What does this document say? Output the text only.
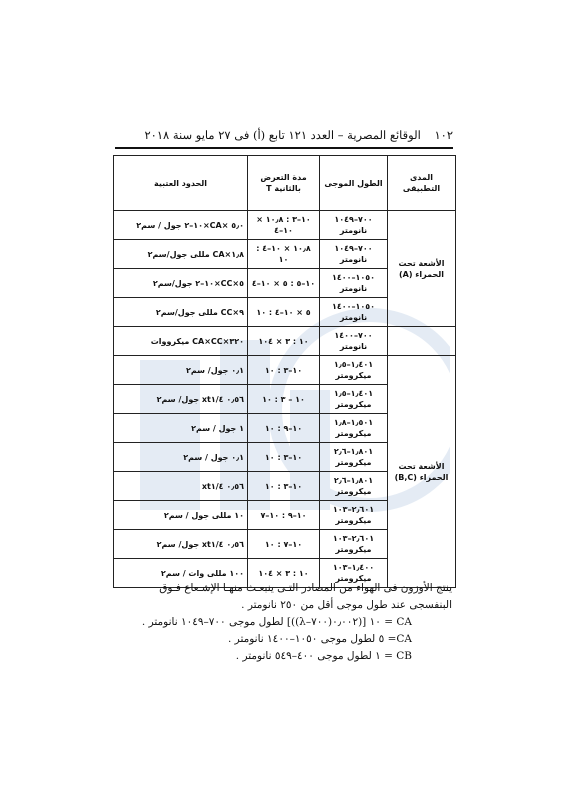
١٠٢ الوقائع المصرية – العدد ١٢١ تابع (أ) فى ٢٧ مايو سنة ٢٠١٨
المدى التطبيقى	الطول الموجى	مدة التعرض بالثانية T	الحدود العتبية
الأشعة تحت الحمراء (A)	٧٠٠–١٠٤٩ نانومتر	١٠–٣ : ١٠٫٨ × ١٠–٤	٥٫٠ ×CA×١٠–٢ جول / سم٢
	٧٠٠–١٠٤٩ نانومتر	١٠٫٨ × ١٠–٤ : ١٠	١٫٨×CA مللى جول/سم٢
	١٠٥٠–١٤٠٠ نانومتر	١٠–٥ : ٥ × ١٠–٤	٥×CC×١٠–٢ جول/سم٢
	١٠٥٠–١٤٠٠ نانومتر	٥ × ١٠–٤ : ١٠	٩×CC مللى جول/سم٢
	٧٠٠–١٤٠٠ نانومتر	١٠ : ٣ × ١٠٤	٣٢٠×CA×CC ميكرووات
الأشعة تحت الحمراء (B,C)	١٫٤٠١–١٫٥ ميكرومتر	١٠–٣ : ١٠	٠٫١ جول/ سم٢
	١٫٤٠١–١٫٥ ميكرومتر	١٠ – ٣ : ١٠	٠٫٥٦ xt١/٤ جول/ سم٢
	١٫٥٠١–١٫٨ ميكرومتر	١٠–٩ : ١٠	١ جول / سم٢
	١٫٨٠١–٢٫٦ ميكرومتر	١٠–٣ : ١٠	٠٫١ جول / سم٢
	١٫٨٠١–٢٫٦ ميكرومتر	١٠–٣ : ١٠	٠٫٥٦ xt١/٤
	٢٫٦٠١–١٠٣ ميكرومتر	١٠–٩ : ١٠–٧	١٠ مللى جول / سم٢
	٢٫٦٠١–١٠٣ ميكرومتر	١٠–٧ : ١٠	٠٫٥٦ xt١/٤ جول/ سم٢
	١٫٤٠٠–١٠٣ ميكرومتر	١٠ : ٣ × ١٠٤	١٠٠ مللى وات / سم٢

ينتج الأوزون فى الهواء من المصادر التـى ينبعـث منهـا الإشـعاع فـوق

البنفسجى عند طول موجى أقل من ٢٥٠ نانومتر .

CA = ١٠ [(٠٫٠٠٢(٧٠٠–λ))] لطول موجى ٧٠٠–١٠٤٩ نانومتر .

CA= ٥ لطول موجى ١٠٥٠–١٤٠٠ نانومتر .

CB = ١ لطول موجى ٤٠٠–٥٤٩ نانومتر .
